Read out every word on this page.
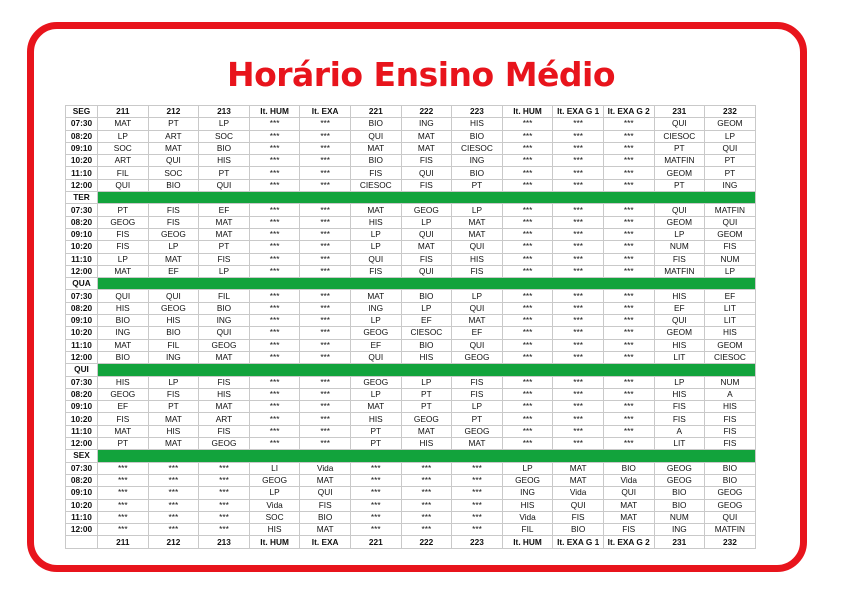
Horário Ensino Médio
SEG	211	212	213	It. HUM	It. EXA	221	222	223	It. HUM	It. EXA G 1	It. EXA G 2	231	232
07:30	MAT	PT	LP	***	***	BIO	ING	HIS	***	***	***	QUI	GEOM
08:20	LP	ART	SOC	***	***	QUI	MAT	BIO	***	***	***	CIESOC	LP
09:10	SOC	MAT	BIO	***	***	MAT	MAT	CIESOC	***	***	***	PT	QUI
10:20	ART	QUI	HIS	***	***	BIO	FIS	ING	***	***	***	MATFIN	PT
11:10	FIL	SOC	PT	***	***	FIS	QUI	BIO	***	***	***	GEOM	PT
12:00	QUI	BIO	QUI	***	***	CIESOC	FIS	PT	***	***	***	PT	ING
TER													
07:30	PT	FIS	EF	***	***	MAT	GEOG	LP	***	***	***	QUI	MATFIN
08:20	GEOG	FIS	MAT	***	***	HIS	LP	MAT	***	***	***	GEOM	QUI
09:10	FIS	GEOG	MAT	***	***	LP	QUI	MAT	***	***	***	LP	GEOM
10:20	FIS	LP	PT	***	***	LP	MAT	QUI	***	***	***	NUM	FIS
11:10	LP	MAT	FIS	***	***	QUI	FIS	HIS	***	***	***	FIS	NUM
12:00	MAT	EF	LP	***	***	FIS	QUI	FIS	***	***	***	MATFIN	LP
QUA													
07:30	QUI	QUI	FIL	***	***	MAT	BIO	LP	***	***	***	HIS	EF
08:20	HIS	GEOG	BIO	***	***	ING	LP	QUI	***	***	***	EF	LIT
09:10	BIO	HIS	ING	***	***	LP	EF	MAT	***	***	***	QUI	LIT
10:20	ING	BIO	QUI	***	***	GEOG	CIESOC	EF	***	***	***	GEOM	HIS
11:10	MAT	FIL	GEOG	***	***	EF	BIO	QUI	***	***	***	HIS	GEOM
12:00	BIO	ING	MAT	***	***	QUI	HIS	GEOG	***	***	***	LIT	CIESOC
QUI													
07:30	HIS	LP	FIS	***	***	GEOG	LP	FIS	***	***	***	LP	NUM
08:20	GEOG	FIS	HIS	***	***	LP	PT	FIS	***	***	***	HIS	A
09:10	EF	PT	MAT	***	***	MAT	PT	LP	***	***	***	FIS	HIS
10:20	FIS	MAT	ART	***	***	HIS	GEOG	PT	***	***	***	FIS	FIS
11:10	MAT	HIS	FIS	***	***	PT	MAT	GEOG	***	***	***	A	FIS
12:00	PT	MAT	GEOG	***	***	PT	HIS	MAT	***	***	***	LIT	FIS
SEX													
07:30	***	***	***	LI	Vida	***	***	***	LP	MAT	BIO	GEOG	BIO
08:20	***	***	***	GEOG	MAT	***	***	***	GEOG	MAT	Vida	GEOG	BIO
09:10	***	***	***	LP	QUI	***	***	***	ING	Vida	QUI	BIO	GEOG
10:20	***	***	***	Vida	FIS	***	***	***	HIS	QUI	MAT	BIO	GEOG
11:10	***	***	***	SOC	BIO	***	***	***	Vida	FIS	MAT	NUM	QUI
12:00	***	***	***	HIS	MAT	***	***	***	FIL	BIO	FIS	ING	MATFIN
	211	212	213	It. HUM	It. EXA	221	222	223	It. HUM	It. EXA G 1	It. EXA G 2	231	232
